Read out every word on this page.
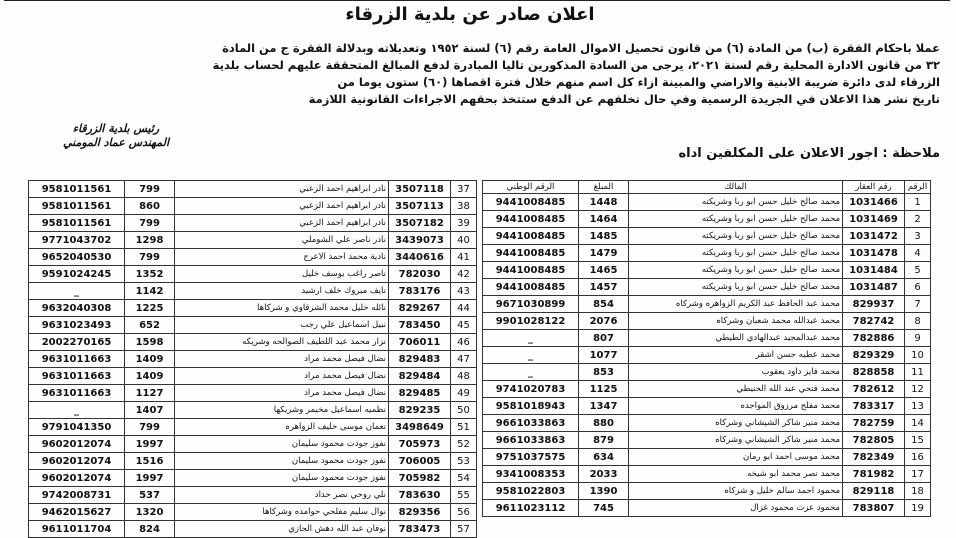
اعلان صادر عن بلدية الزرقاء

عملا باحكام الفقرة (ب) من المادة (٦) من قانون تحصيل الاموال العامة رقم (٦) لسنة ١٩٥٢ وتعديلاته وبدلالة الفقرة ج من المادة

٣٢ من قانون الادارة المحلية رقم لسنة ٢٠٢١، يرجى من السادة المذكورين تاليا المبادرة لدفع المبالغ المتحققة عليهم لحساب بلدية

الزرقاء لدى دائرة ضريبة الابنية والاراضي والمبينة ازاء كل اسم منهم خلال فترة اقصاها (٦٠) ستون يوما من

تاريخ نشر هذا الاعلان في الجريدة الرسمية وفي حال تخلفهم عن الدفع ستتخذ بحقهم الاجراءات القانونية اللازمة

رئيس بلدية الزرقاء
المهندس عماد المومني
ملاحظة : اجور الاعلان على المكلفين اداه
9581011561	799	نادر ابراهيم احمد الزعبي	3507118	37
9581011561	860	نادر ابراهيم احمد الزعبي	3507113	38
9581011561	799	نادر ابراهيم احمد الزعبي	3507182	39
9771043702	1298	نادر ناصر علي الشوملي	3439073	40
9652040530	799	نادية محمد احمد الاعرج	3440616	41
9591024245	1352	ناصر راغب يوسف خليل	782030	42
_	1142	نايف مبروك خلف ارشيد	783176	43
9632040308	1225	نائله خليل محمد الشرقاوي و شركاها	829267	44
9631023493	652	نبيل اسماعيل علي رجب	783450	45
2002270165	1598	نزار محمد عبد اللطيف الصوالحه وشريكه	706011	46
9631011663	1409	نضال فيصل محمد مراد	829483	47
9631011663	1409	نضال فيصل محمد مراد	829484	48
9631011663	1127	نضال فيصل محمد مراد	829485	49
_	1407	نظميه اسماعيل مخيمر وشريكها	829235	50
9791041350	799	نعمان موسى خليف الزواهره	3498649	51
9602012074	1997	نفوز جودت محمود سليمان	705973	52
9602012074	1516	نفوز جودت محمود سليمان	706005	53
9602012074	1997	نفوز جودت محمود سليمان	705982	54
9742008731	537	نلي روحي نصر حداد	783630	55
9462015627	1320	نوال سليم مفلحي حوامده وشركاها	829356	56
9611011704	824	نوفان عبد الله دهش الجازي	783473	57
الرقم الوطني	المبلغ	المالك	رقم العقار	الرقم
9441008485	1448	محمد صالح خليل حسن ابو ربا وشريكته	1031466	1
9441008485	1464	محمد صالح خليل حسن ابو ربا وشريكته	1031469	2
9441008485	1485	محمد صالح خليل حسن ابو ربا وشريكته	1031472	3
9441008485	1479	محمد صالح خليل حسن ابو ربا وشريكته	1031478	4
9441008485	1465	محمد صالح خليل حسن ابو ربا وشريكته	1031484	5
9441008485	1457	محمد صالح خليل حسن ابو ربا وشريكته	1031487	6
9671030899	854	محمد عبد الحافظ عبد الكريم الزواهره وشركاه	829937	7
9901028122	2076	محمد عبدالله محمد شعبان وشركاه	782742	8
_	807	محمد عبدالمجيد عبدالهادي الطيطي	782886	9
_	1077	محمد عطيه حسن اشقر	829329	10
_	853	محمد فايز داود يعقوب	828858	11
9741020783	1125	محمد فتحي عبد الله الحنيطي	782612	12
9581018943	1347	محمد مفلح مرزوق المواجده	783317	13
9661033863	880	محمد منير شاكر الشيشاني وشركاه	782759	14
9661033863	879	محمد منير شاكر الشيشاني وشركاه	782805	15
9751037575	634	محمد موسى احمد ابو رمان	782349	16
9341008353	2033	محمد نصر محمد ابو شيخه	781982	17
9581022803	1390	محمود احمد سالم خليل و شركاه	829118	18
9611023112	745	محمود عزت محمود غزال	783807	19
